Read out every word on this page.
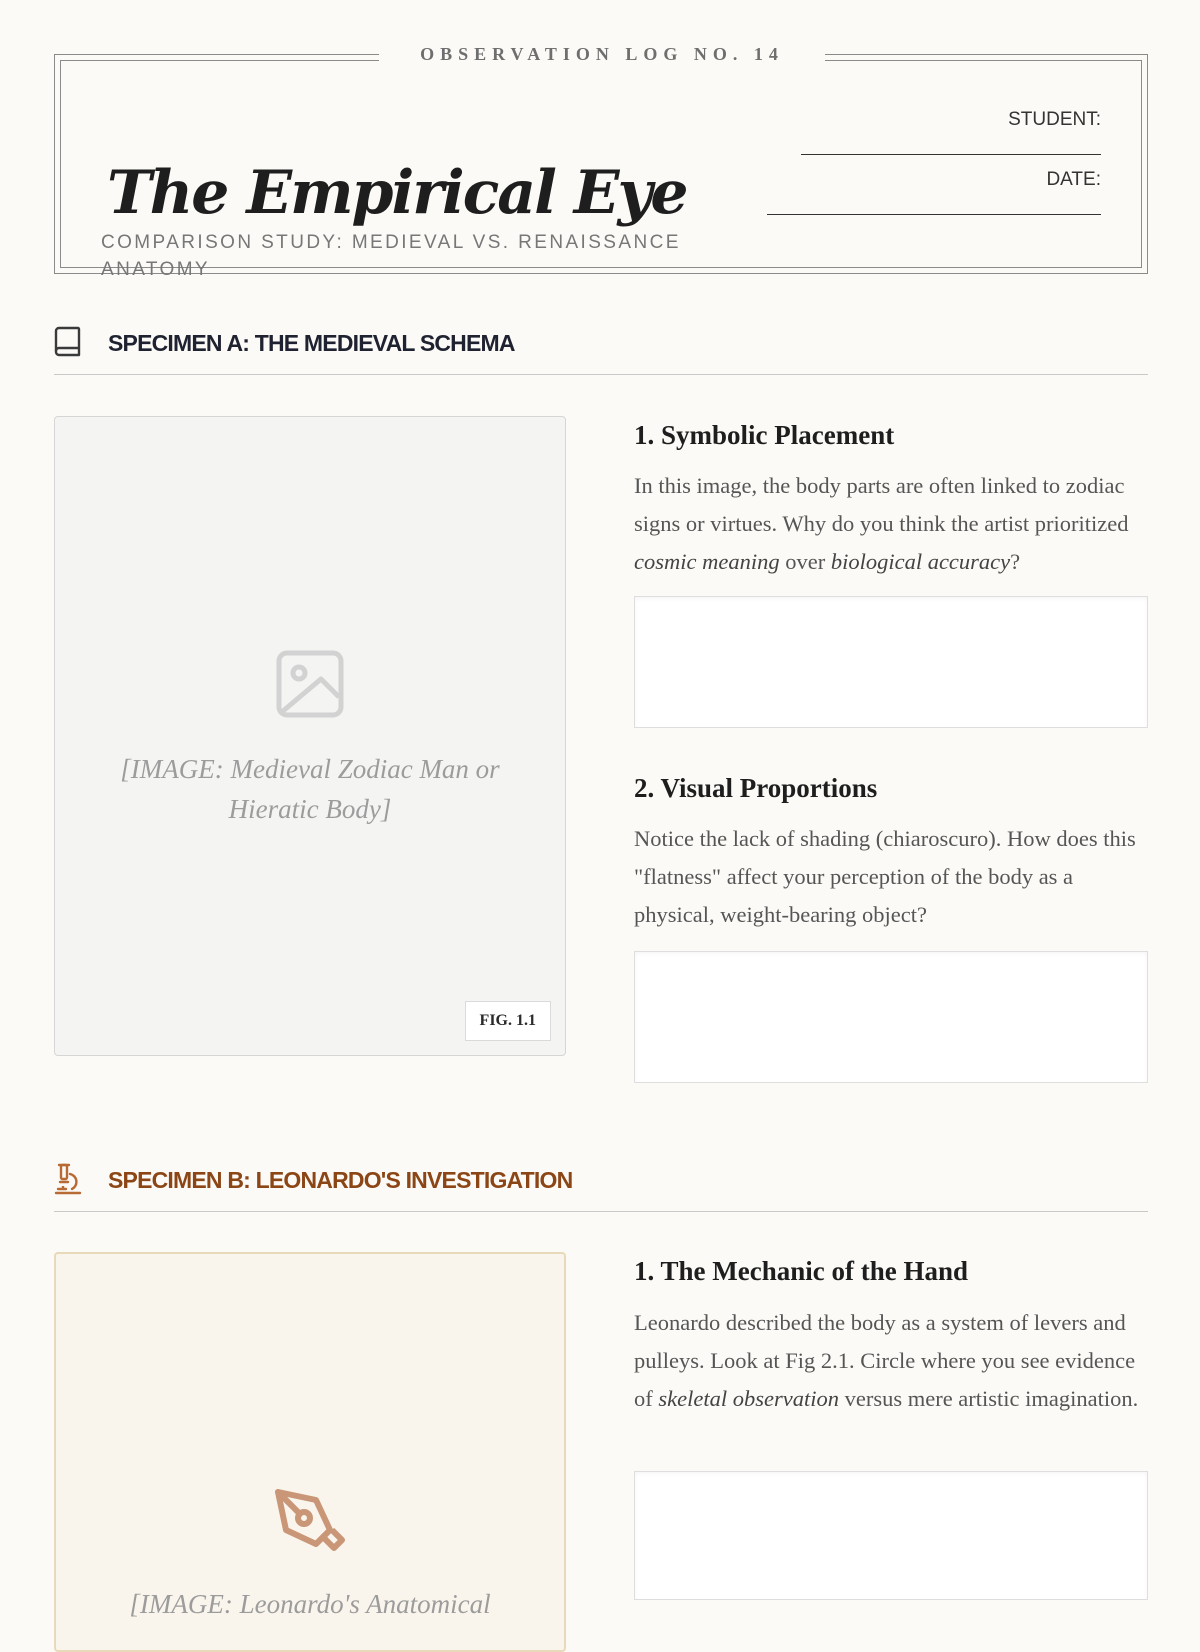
The Empirical Eye
COMPARISON STUDY: MEDIEVAL VS. RENAISSANCE ANATOMY
STUDENT:
DATE:
OBSERVATION LOG NO. 14
SPECIMEN A: THE MEDIEVAL SCHEMA
[IMAGE: Medieval Zodiac Man or Hieratic Body]
FIG. 1.1
1. Symbolic Placement
In this image, the body parts are often linked to zodiac signs or virtues. Why do you think the artist prioritized cosmic meaning over biological accuracy?
2. Visual Proportions
Notice the lack of shading (chiaroscuro). How does this "flatness" affect your perception of the body as a physical, weight-bearing object?
SPECIMEN B: LEONARDO'S INVESTIGATION
[IMAGE: Leonardo's Anatomical
1. The Mechanic of the Hand
Leonardo described the body as a system of levers and pulleys. Look at Fig 2.1. Circle where you see evidence of skeletal observation versus mere artistic imagination.
